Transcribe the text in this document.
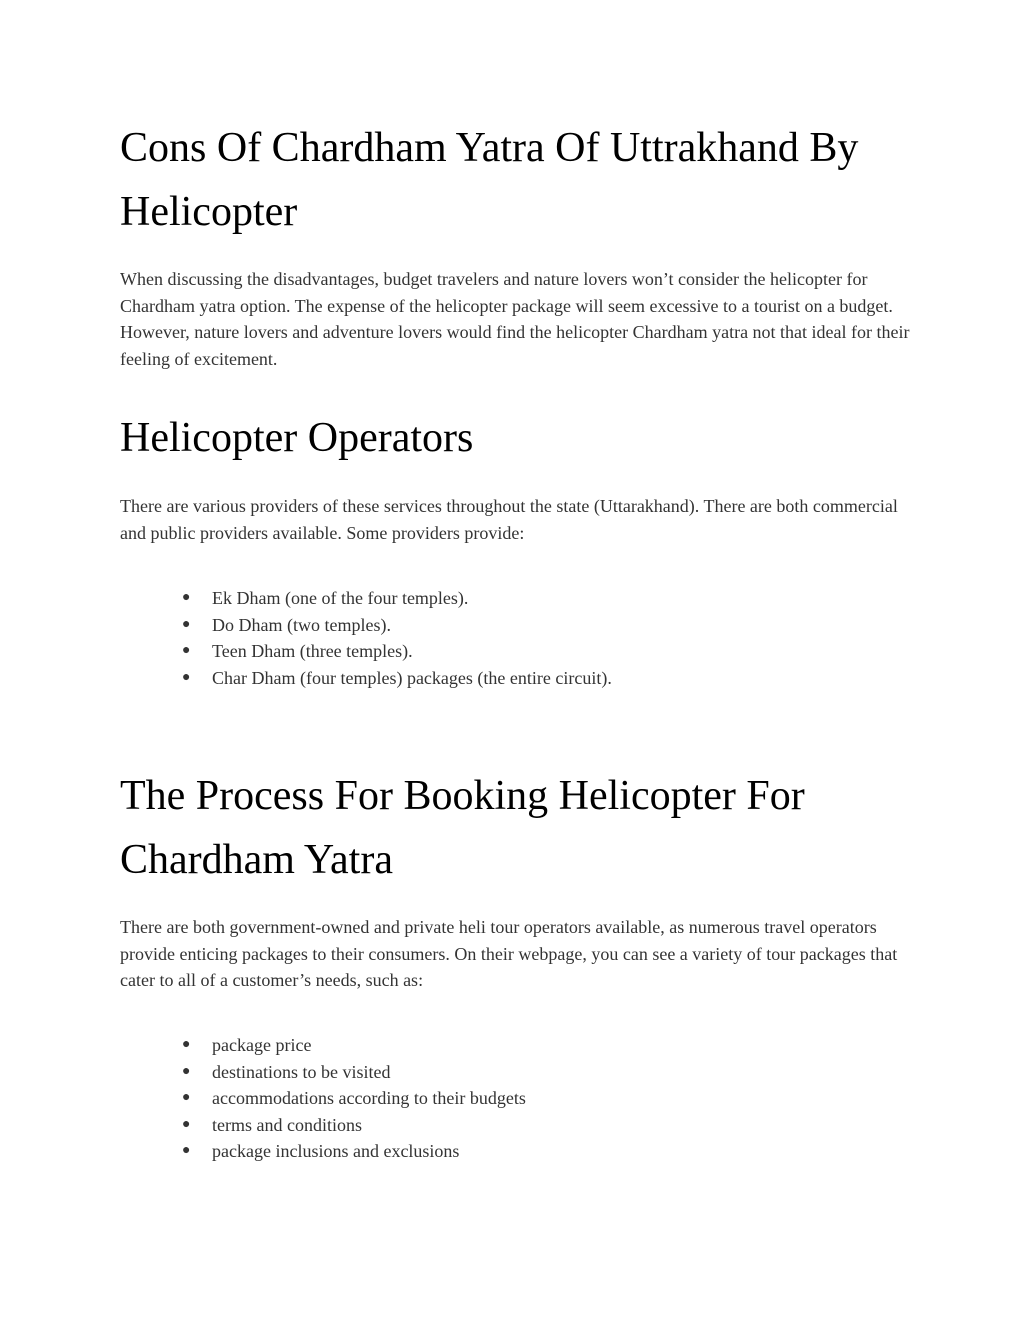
Cons Of Chardham Yatra Of Uttrakhand By Helicopter

When discussing the disadvantages, budget travelers and nature lovers won’t consider the helicopter for Chardham yatra option. The expense of the helicopter package will seem excessive to a tourist on a budget. However, nature lovers and adventure lovers would find the helicopter Chardham yatra not that ideal for their feeling of excitement.

Helicopter Operators

There are various providers of these services throughout the state (Uttarakhand). There are both commercial and public providers available. Some providers provide:

● Ek Dham (one of the four temples).
● Do Dham (two temples).
● Teen Dham (three temples).
● Char Dham (four temples) packages (the entire circuit).
The Process For Booking Helicopter For Chardham Yatra

There are both government-owned and private heli tour operators available, as numerous travel operators provide enticing packages to their consumers. On their webpage, you can see a variety of tour packages that cater to all of a customer’s needs, such as:

● package price
● destinations to be visited
● accommodations according to their budgets
● terms and conditions
● package inclusions and exclusions
